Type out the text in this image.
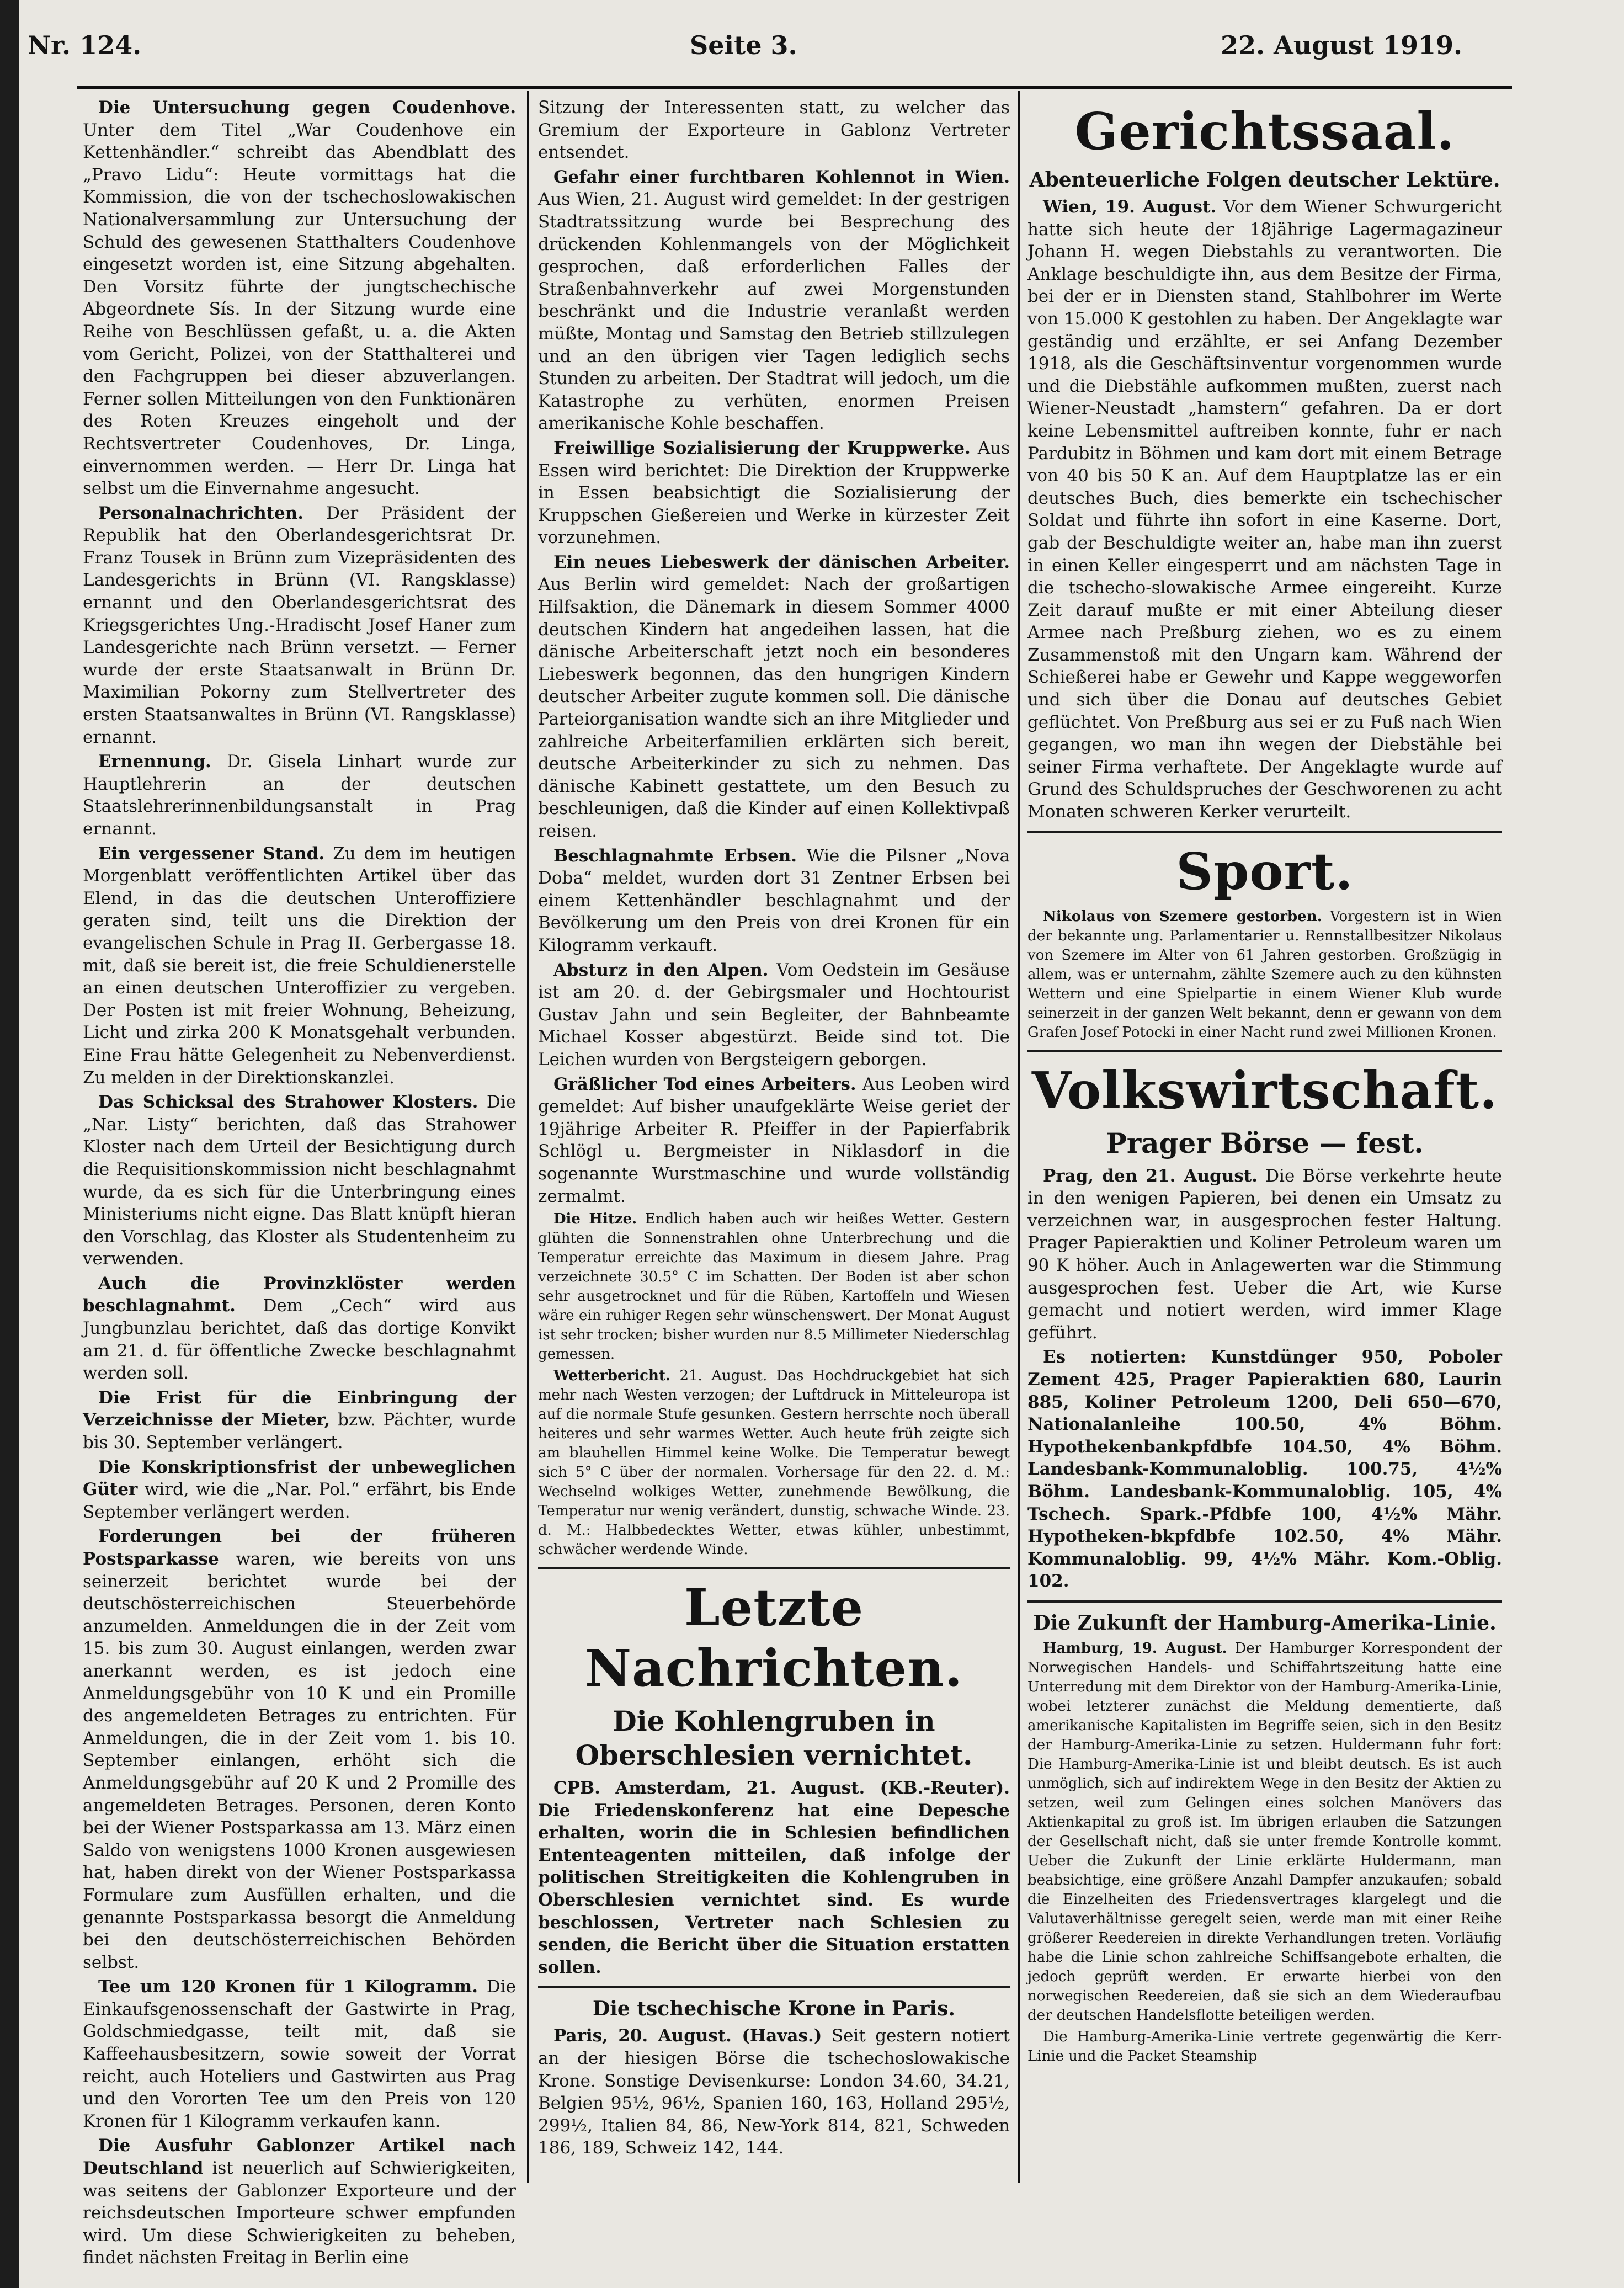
Nr. 124.	Seite 3.	22. August 1919.

Die Untersuchung gegen Coudenhove. Unter dem Titel „War Coudenhove ein Kettenhändler.“ schreibt das Abendblatt des „Pravo Lidu“: Heute vormittags hat die Kommission, die von der tschechoslowakischen Nationalversammlung zur Untersuchung der Schuld des gewesenen Statthalters Coudenhove eingesetzt worden ist, eine Sitzung abgehalten. Den Vorsitz führte der jungtschechische Abgeordnete Sís. In der Sitzung wurde eine Reihe von Beschlüssen gefaßt, u. a. die Akten vom Gericht, Polizei, von der Statthalterei und den Fachgruppen bei dieser abzuverlangen. Ferner sollen Mitteilungen von den Funktionären des Roten Kreuzes eingeholt und der Rechtsvertreter Coudenhoves, Dr. Linga, einvernommen werden. — Herr Dr. Linga hat selbst um die Einvernahme angesucht.

Personalnachrichten. Der Präsident der Republik hat den Oberlandesgerichtsrat Dr. Franz Tousek in Brünn zum Vizepräsidenten des Landesgerichts in Brünn (VI. Rangsklasse) ernannt und den Oberlandesgerichtsrat des Kriegsgerichtes Ung.-Hradischt Josef Haner zum Landesgerichte nach Brünn versetzt. — Ferner wurde der erste Staatsanwalt in Brünn Dr. Maximilian Pokorny zum Stellvertreter des ersten Staatsanwaltes in Brünn (VI. Rangsklasse) ernannt.

Ernennung. Dr. Gisela Linhart wurde zur Hauptlehrerin an der deutschen Staatslehrerinnenbildungsanstalt in Prag ernannt.

Ein vergessener Stand. Zu dem im heutigen Morgenblatt veröffentlichten Artikel über das Elend, in das die deutschen Unteroffiziere geraten sind, teilt uns die Direktion der evangelischen Schule in Prag II. Gerbergasse 18. mit, daß sie bereit ist, die freie Schuldienerstelle an einen deutschen Unteroffizier zu vergeben. Der Posten ist mit freier Wohnung, Beheizung, Licht und zirka 200 K Monatsgehalt verbunden. Eine Frau hätte Gelegenheit zu Nebenverdienst. Zu melden in der Direktionskanzlei.

Das Schicksal des Strahower Klosters. Die „Nar. Listy“ berichten, daß das Strahower Kloster nach dem Urteil der Besichtigung durch die Requisitionskommission nicht beschlagnahmt wurde, da es sich für die Unterbringung eines Ministeriums nicht eigne. Das Blatt knüpft hieran den Vorschlag, das Kloster als Studentenheim zu verwenden.

Auch die Provinzklöster werden beschlagnahmt. Dem „Cech“ wird aus Jungbunzlau berichtet, daß das dortige Konvikt am 21. d. für öffentliche Zwecke beschlagnahmt werden soll.

Die Frist für die Einbringung der Verzeichnisse der Mieter, bzw. Pächter, wurde bis 30. September verlängert.

Die Konskriptionsfrist der unbeweglichen Güter wird, wie die „Nar. Pol.“ erfährt, bis Ende September verlängert werden.

Forderungen bei der früheren Postsparkasse waren, wie bereits von uns seinerzeit berichtet wurde bei der deutschösterreichischen Steuerbehörde anzumelden. Anmeldungen die in der Zeit vom 15. bis zum 30. August einlangen, werden zwar anerkannt werden, es ist jedoch eine Anmeldungsgebühr von 10 K und ein Promille des angemeldeten Betrages zu entrichten. Für Anmeldungen, die in der Zeit vom 1. bis 10. September einlangen, erhöht sich die Anmeldungsgebühr auf 20 K und 2 Promille des angemeldeten Betrages. Personen, deren Konto bei der Wiener Postsparkassa am 13. März einen Saldo von wenigstens 1000 Kronen ausgewiesen hat, haben direkt von der Wiener Postsparkassa Formulare zum Ausfüllen erhalten, und die genannte Postsparkassa besorgt die Anmeldung bei den deutschösterreichischen Behörden selbst.

Tee um 120 Kronen für 1 Kilogramm. Die Einkaufsgenossenschaft der Gastwirte in Prag, Goldschmiedgasse, teilt mit, daß sie Kaffeehausbesitzern, sowie soweit der Vorrat reicht, auch Hoteliers und Gastwirten aus Prag und den Vororten Tee um den Preis von 120 Kronen für 1 Kilogramm verkaufen kann.

Die Ausfuhr Gablonzer Artikel nach Deutschland ist neuerlich auf Schwierigkeiten, was seitens der Gablonzer Exporteure und der reichsdeutschen Importeure schwer empfunden wird. Um diese Schwierigkeiten zu beheben, findet nächsten Freitag in Berlin eine

Sitzung der Interessenten statt, zu welcher das Gremium der Exporteure in Gablonz Vertreter entsendet.

Gefahr einer furchtbaren Kohlennot in Wien. Aus Wien, 21. August wird gemeldet: In der gestrigen Stadtratssitzung wurde bei Besprechung des drückenden Kohlenmangels von der Möglichkeit gesprochen, daß erforderlichen Falles der Straßenbahnverkehr auf zwei Morgenstunden beschränkt und die Industrie veranlaßt werden müßte, Montag und Samstag den Betrieb stillzulegen und an den übrigen vier Tagen lediglich sechs Stunden zu arbeiten. Der Stadtrat will jedoch, um die Katastrophe zu verhüten, enormen Preisen amerikanische Kohle beschaffen.

Freiwillige Sozialisierung der Kruppwerke. Aus Essen wird berichtet: Die Direktion der Kruppwerke in Essen beabsichtigt die Sozialisierung der Kruppschen Gießereien und Werke in kürzester Zeit vorzunehmen.

Ein neues Liebeswerk der dänischen Arbeiter. Aus Berlin wird gemeldet: Nach der großartigen Hilfsaktion, die Dänemark in diesem Sommer 4000 deutschen Kindern hat angedeihen lassen, hat die dänische Arbeiterschaft jetzt noch ein besonderes Liebeswerk begonnen, das den hungrigen Kindern deutscher Arbeiter zugute kommen soll. Die dänische Parteiorganisation wandte sich an ihre Mitglieder und zahlreiche Arbeiterfamilien erklärten sich bereit, deutsche Arbeiterkinder zu sich zu nehmen. Das dänische Kabinett gestattete, um den Besuch zu beschleunigen, daß die Kinder auf einen Kollektivpaß reisen.

Beschlagnahmte Erbsen. Wie die Pilsner „Nova Doba“ meldet, wurden dort 31 Zentner Erbsen bei einem Kettenhändler beschlagnahmt und der Bevölkerung um den Preis von drei Kronen für ein Kilogramm verkauft.

Absturz in den Alpen. Vom Oedstein im Gesäuse ist am 20. d. der Gebirgsmaler und Hochtourist Gustav Jahn und sein Begleiter, der Bahnbeamte Michael Kosser abgestürzt. Beide sind tot. Die Leichen wurden von Bergsteigern geborgen.

Gräßlicher Tod eines Arbeiters. Aus Leoben wird gemeldet: Auf bisher unaufgeklärte Weise geriet der 19jährige Arbeiter R. Pfeiffer in der Papierfabrik Schlögl u. Bergmeister in Niklasdorf in die sogenannte Wurstmaschine und wurde vollständig zermalmt.

Die Hitze. Endlich haben auch wir heißes Wetter. Gestern glühten die Sonnenstrahlen ohne Unterbrechung und die Temperatur erreichte das Maximum in diesem Jahre. Prag verzeichnete 30.5° C im Schatten. Der Boden ist aber schon sehr ausgetrocknet und für die Rüben, Kartoffeln und Wiesen wäre ein ruhiger Regen sehr wünschenswert. Der Monat August ist sehr trocken; bisher wurden nur 8.5 Millimeter Niederschlag gemessen.

Wetterbericht. 21. August. Das Hochdruckgebiet hat sich mehr nach Westen verzogen; der Luftdruck in Mitteleuropa ist auf die normale Stufe gesunken. Gestern herrschte noch überall heiteres und sehr warmes Wetter. Auch heute früh zeigte sich am blauhellen Himmel keine Wolke. Die Temperatur bewegt sich 5° C über der normalen. Vorhersage für den 22. d. M.: Wechselnd wolkiges Wetter, zunehmende Bewölkung, die Temperatur nur wenig verändert, dunstig, schwache Winde. 23. d. M.: Halbbedecktes Wetter, etwas kühler, unbestimmt, schwächer werdende Winde.

Letzte Nachrichten.
Die Kohlengruben in Oberschlesien vernichtet.

CPB. Amsterdam, 21. August. (KB.-Reuter). Die Friedenskonferenz hat eine Depesche erhalten, worin die in Schlesien befindlichen Ententeagenten mitteilen, daß infolge der politischen Streitigkeiten die Kohlengruben in Oberschlesien vernichtet sind. Es wurde beschlossen, Vertreter nach Schlesien zu senden, die Bericht über die Situation erstatten sollen.

Die tschechische Krone in Paris.

Paris, 20. August. (Havas.) Seit gestern notiert an der hiesigen Börse die tschechoslowakische Krone. Sonstige Devisenkurse: London 34.60, 34.21, Belgien 95½, 96½, Spanien 160, 163, Holland 295½, 299½, Italien 84, 86, New-York 814, 821, Schweden 186, 189, Schweiz 142, 144.

Gerichtssaal.
Abenteuerliche Folgen deutscher Lektüre.

Wien, 19. August. Vor dem Wiener Schwurgericht hatte sich heute der 18jährige Lagermagazineur Johann H. wegen Diebstahls zu verantworten. Die Anklage beschuldigte ihn, aus dem Besitze der Firma, bei der er in Diensten stand, Stahlbohrer im Werte von 15.000 K gestohlen zu haben. Der Angeklagte war geständig und erzählte, er sei Anfang Dezember 1918, als die Geschäftsinventur vorgenommen wurde und die Diebstähle aufkommen mußten, zuerst nach Wiener-Neustadt „hamstern“ gefahren. Da er dort keine Lebensmittel auftreiben konnte, fuhr er nach Pardubitz in Böhmen und kam dort mit einem Betrage von 40 bis 50 K an. Auf dem Hauptplatze las er ein deutsches Buch, dies bemerkte ein tschechischer Soldat und führte ihn sofort in eine Kaserne. Dort, gab der Beschuldigte weiter an, habe man ihn zuerst in einen Keller eingesperrt und am nächsten Tage in die tschecho-slowakische Armee eingereiht. Kurze Zeit darauf mußte er mit einer Abteilung dieser Armee nach Preßburg ziehen, wo es zu einem Zusammenstoß mit den Ungarn kam. Während der Schießerei habe er Gewehr und Kappe weggeworfen und sich über die Donau auf deutsches Gebiet geflüchtet. Von Preßburg aus sei er zu Fuß nach Wien gegangen, wo man ihn wegen der Diebstähle bei seiner Firma verhaftete. Der Angeklagte wurde auf Grund des Schuldspruches der Geschworenen zu acht Monaten schweren Kerker verurteilt.

Sport.

Nikolaus von Szemere gestorben. Vorgestern ist in Wien der bekannte ung. Parlamentarier u. Rennstallbesitzer Nikolaus von Szemere im Alter von 61 Jahren gestorben. Großzügig in allem, was er unternahm, zählte Szemere auch zu den kühnsten Wettern und eine Spielpartie in einem Wiener Klub wurde seinerzeit in der ganzen Welt bekannt, denn er gewann von dem Grafen Josef Potocki in einer Nacht rund zwei Millionen Kronen.

Volkswirtschaft.
Prager Börse — fest.

Prag, den 21. August. Die Börse verkehrte heute in den wenigen Papieren, bei denen ein Umsatz zu verzeichnen war, in ausgesprochen fester Haltung. Prager Papieraktien und Koliner Petroleum waren um 90 K höher. Auch in Anlagewerten war die Stimmung ausgesprochen fest. Ueber die Art, wie Kurse gemacht und notiert werden, wird immer Klage geführt.

Es notierten: Kunstdünger 950, Poboler Zement 425, Prager Papieraktien 680, Laurin 885, Koliner Petroleum 1200, Deli 650—670, Nationalanleihe 100.50, 4% Böhm. Hypothekenbankpfdbfe 104.50, 4% Böhm. Landesbank-Kommunaloblig. 100.75, 4½% Böhm. Landesbank-Kommunaloblig. 105, 4% Tschech. Spark.-Pfdbfe 100, 4½% Mähr. Hypotheken-bkpfdbfe 102.50, 4% Mähr. Kommunaloblig. 99, 4½% Mähr. Kom.-Oblig. 102.

Die Zukunft der Hamburg-Amerika-Linie.

Hamburg, 19. August. Der Hamburger Korrespondent der Norwegischen Handels- und Schiffahrtszeitung hatte eine Unterredung mit dem Direktor von der Hamburg-Amerika-Linie, wobei letzterer zunächst die Meldung dementierte, daß amerikanische Kapitalisten im Begriffe seien, sich in den Besitz der Hamburg-Amerika-Linie zu setzen. Huldermann fuhr fort: Die Hamburg-Amerika-Linie ist und bleibt deutsch. Es ist auch unmöglich, sich auf indirektem Wege in den Besitz der Aktien zu setzen, weil zum Gelingen eines solchen Manövers das Aktienkapital zu groß ist. Im übrigen erlauben die Satzungen der Gesellschaft nicht, daß sie unter fremde Kontrolle kommt. Ueber die Zukunft der Linie erklärte Huldermann, man beabsichtige, eine größere Anzahl Dampfer anzukaufen; sobald die Einzelheiten des Friedensvertrages klargelegt und die Valutaverhältnisse geregelt seien, werde man mit einer Reihe größerer Reedereien in direkte Verhandlungen treten. Vorläufig habe die Linie schon zahlreiche Schiffsangebote erhalten, die jedoch geprüft werden. Er erwarte hierbei von den norwegischen Reedereien, daß sie sich an dem Wiederaufbau der deutschen Handelsflotte beteiligen werden.

Die Hamburg-Amerika-Linie vertrete gegenwärtig die Kerr-Linie und die Packet Steamship
